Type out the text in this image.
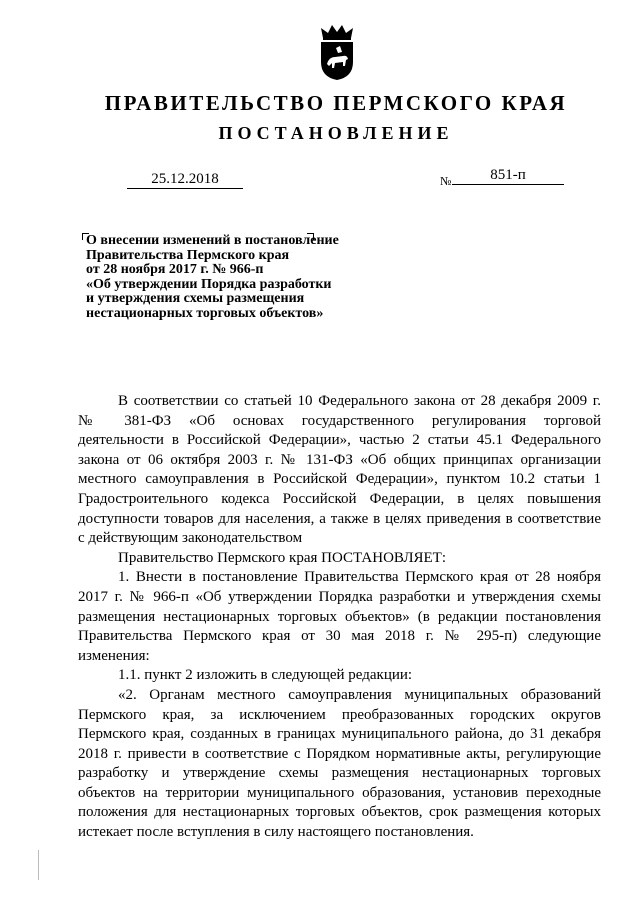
ПРАВИТЕЛЬСТВО ПЕРМСКОГО КРАЯ
ПОСТАНОВЛЕНИЕ
25.12.2018	№	851-п
О внесении изменений в постановление
Правительства Пермского края
от 28 ноября 2017 г. № 966-п
«Об утверждении Порядка разработки
и утверждения схемы размещения
нестационарных торговых объектов»
В соответствии со статьей 10 Федерального закона от 28 декабря 2009 г.
№ 381-ФЗ «Об основах государственного регулирования торговой
деятельности в Российской Федерации», частью 2 статьи 45.1 Федерального
закона от 06 октября 2003 г. № 131-ФЗ «Об общих принципах организации
местного самоуправления в Российской Федерации», пунктом 10.2 статьи 1
Градостроительного кодекса Российской Федерации, в целях повышения
доступности товаров для населения, а также в целях приведения в соответствие
с действующим законодательством
Правительство Пермского края ПОСТАНОВЛЯЕТ:
1. Внести в постановление Правительства Пермского края от 28 ноября
2017 г. № 966-п «Об утверждении Порядка разработки и утверждения схемы
размещения нестационарных торговых объектов» (в редакции постановления
Правительства Пермского края от 30 мая 2018 г. № 295-п) следующие
изменения:
1.1. пункт 2 изложить в следующей редакции:
«2. Органам местного самоуправления муниципальных образований
Пермского края, за исключением преобразованных городских округов
Пермского края, созданных в границах муниципального района, до 31 декабря
2018 г. привести в соответствие с Порядком нормативные акты, регулирующие
разработку и утверждение схемы размещения нестационарных торговых
объектов на территории муниципального образования, установив переходные
положения для нестационарных торговых объектов, срок размещения которых
истекает после вступления в силу настоящего постановления.
